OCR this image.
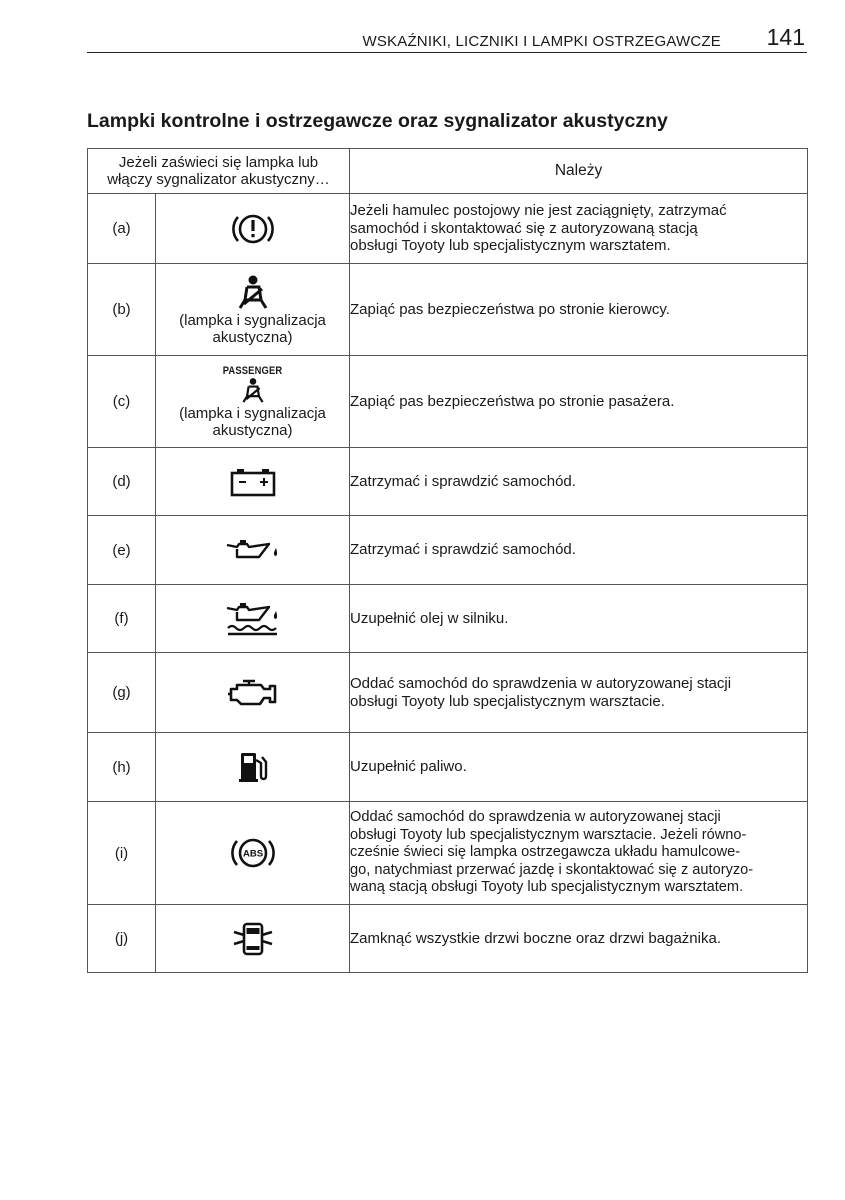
WSKAŹNIKI, LICZNIKI I LAMPKI OSTRZEGAWCZE 141
Lampki kontrolne i ostrzegawcze oraz sygnalizator akustyczny
Jeżeli zaświeci się lampka lub
włączy sygnalizator akustyczny…		Należy
(a)		Jeżeli hamulec postojowy nie jest zaciągnięty, zatrzymać
samochód i skontaktować się z autoryzowaną stacją
obsługi Toyoty lub specjalistycznym warsztatem.
(b)	(lampka i sygnalizacja
akustyczna)	Zapiąć pas bezpieczeństwa po stronie kierowcy.
(c)	PASSENGER
(lampka i sygnalizacja
akustyczna)	Zapiąć pas bezpieczeństwa po stronie pasażera.
(d)		Zatrzymać i sprawdzić samochód.
(e)		Zatrzymać i sprawdzić samochód.
(f)		Uzupełnić olej w silniku.
(g)		Oddać samochód do sprawdzenia w autoryzowanej stacji
obsługi Toyoty lub specjalistycznym warsztacie.
(h)		Uzupełnić paliwo.
(i)	ABS	Oddać samochód do sprawdzenia w autoryzowanej stacji
obsługi Toyoty lub specjalistycznym warsztacie. Jeżeli równo-
cześnie świeci się lampka ostrzegawcza układu hamulcowe-
go, natychmiast przerwać jazdę i skontaktować się z autoryzo-
waną stacją obsługi Toyoty lub specjalistycznym warsztatem.
(j)		Zamknąć wszystkie drzwi boczne oraz drzwi bagażnika.
